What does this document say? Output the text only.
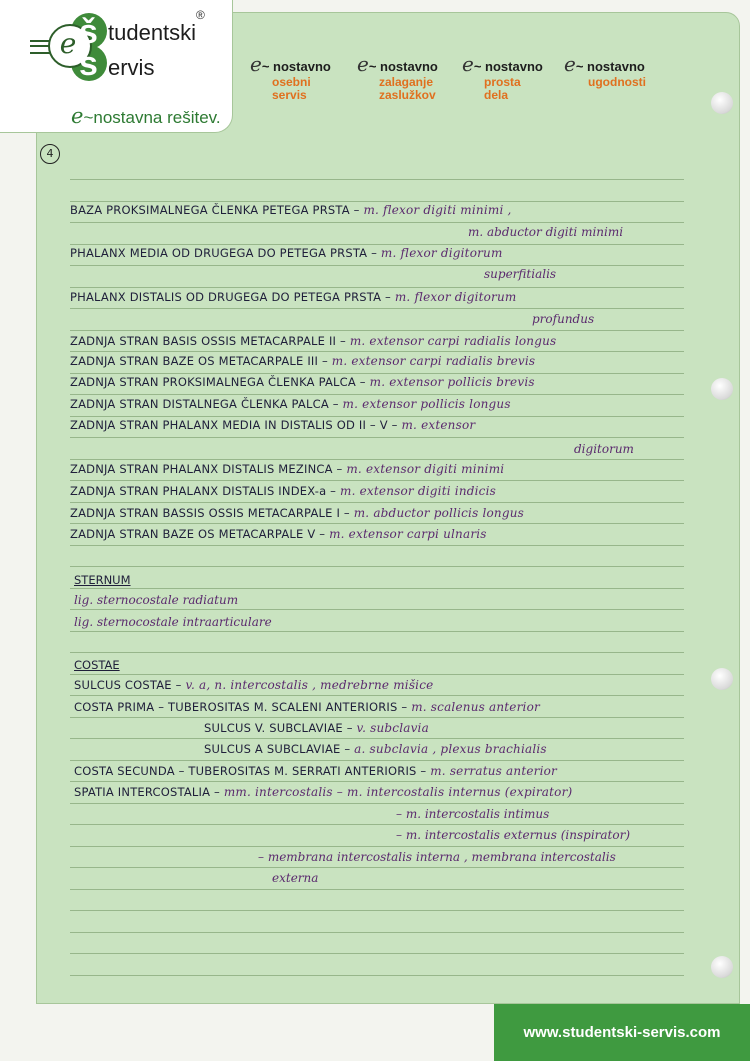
e š
s
tudentski
ervis
®
e~nostavna rešitev.
e~ nostavno
osebni
servis
e~ nostavno
zalaganje
zaslužkov
e~ nostavno
prosta
dela
e~ nostavno
ugodnosti
4
BAZA PROKSIMALNEGA ČLENKA PETEGA PRSTA – m. flexor digiti minimi ,
m. abductor digiti minimi
PHALANX MEDIA OD DRUGEGA DO PETEGA PRSTA – m. flexor digitorum
superfitialis
PHALANX DISTALIS OD DRUGEGA DO PETEGA PRSTA – m. flexor digitorum
profundus
ZADNJA STRAN BASIS OSSIS METACARPALE II – m. extensor carpi radialis longus
ZADNJA STRAN BAZE OS METACARPALE III – m. extensor carpi radialis brevis
ZADNJA STRAN PROKSIMALNEGA ČLENKA PALCA – m. extensor pollicis brevis
ZADNJA STRAN DISTALNEGA ČLENKA PALCA – m. extensor pollicis longus
ZADNJA STRAN PHALANX MEDIA IN DISTALIS OD II – V – m. extensor
digitorum
ZADNJA STRAN PHALANX DISTALIS MEZINCA – m. extensor digiti minimi
ZADNJA STRAN PHALANX DISTALIS INDEX-a – m. extensor digiti indicis
ZADNJA STRAN BASSIS OSSIS METACARPALE I – m. abductor pollicis longus
ZADNJA STRAN BAZE OS METACARPALE V – m. extensor carpi ulnaris
STERNUM
lig. sternocostale radiatum
lig. sternocostale intraarticulare
COSTAE
SULCUS COSTAE – v. a, n. intercostalis , medrebrne mišice
COSTA PRIMA – TUBEROSITAS M. SCALENI ANTERIORIS – m. scalenus anterior
SULCUS V. SUBCLAVIAE – v. subclavia
SULCUS A SUBCLAVIAE – a. subclavia , plexus brachialis
COSTA SECUNDA – TUBEROSITAS M. SERRATI ANTERIORIS – m. serratus anterior
SPATIA INTERCOSTALIA – mm. intercostalis – m. intercostalis internus (expirator)
– m. intercostalis intimus
– m. intercostalis externus (inspirator)
– membrana intercostalis interna , membrana intercostalis
externa
www.studentski-servis.com
